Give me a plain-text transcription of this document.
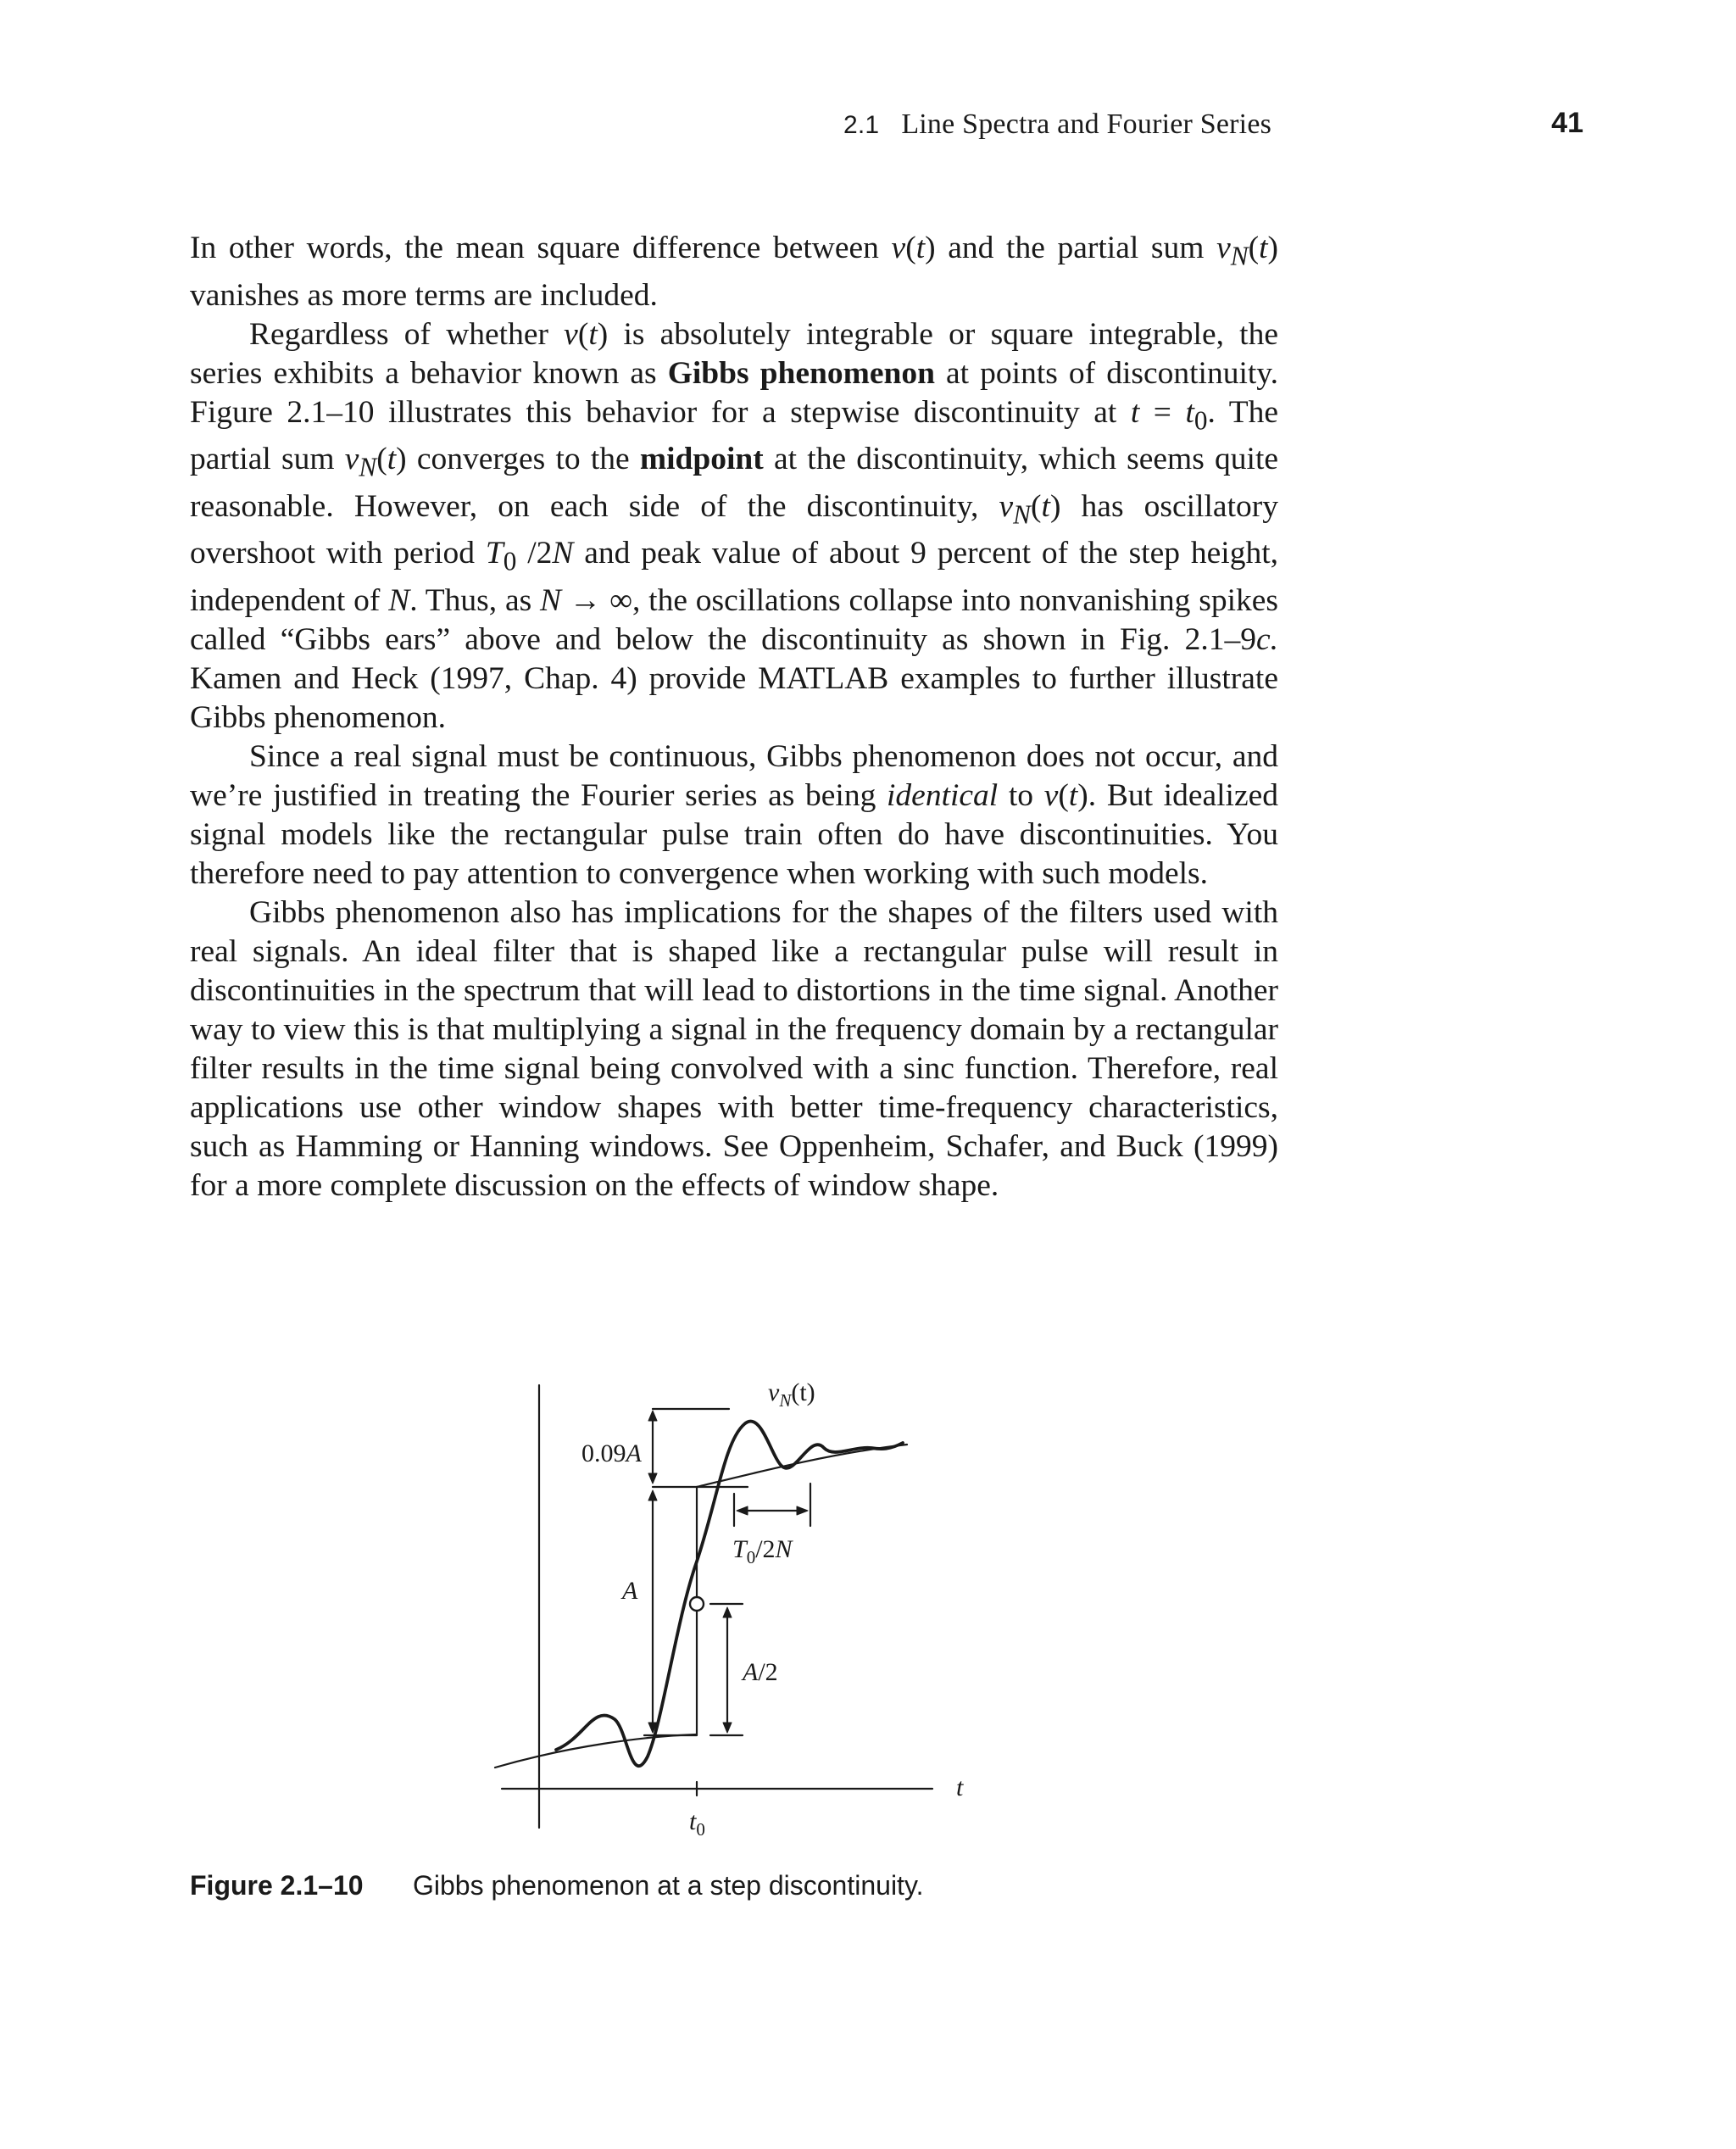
2.1 Line Spectra and Fourier Series	41

In other words, the mean square difference between v(t) and the partial sum $v_N(t)$ vanishes as more terms are included.

Regardless of whether v(t) is absolutely integrable or square integrable, the series exhibits a behavior known as Gibbs phenomenon at points of discontinuity. Figure 2.1–10 illustrates this behavior for a stepwise discontinuity at $t = t_0$. The partial sum $v_N(t)$ converges to the midpoint at the discontinuity, which seems quite reasonable. However, on each side of the discontinuity, $v_N(t)$ has oscillatory overshoot with period $T_0$ /2N and peak value of about 9 percent of the step height, independent of N. Thus, as N → ∞, the oscillations collapse into nonvanishing spikes called “Gibbs ears” above and below the discontinuity as shown in Fig. 2.1–9c. Kamen and Heck (1997, Chap. 4) provide MATLAB examples to further illustrate Gibbs phenomenon.

Since a real signal must be continuous, Gibbs phenomenon does not occur, and we’re justified in treating the Fourier series as being identical to v(t). But idealized signal models like the rectangular pulse train often do have discontinuities. You therefore need to pay attention to convergence when working with such models.

Gibbs phenomenon also has implications for the shapes of the filters used with real signals. An ideal filter that is shaped like a rectangular pulse will result in discontinuities in the spectrum that will lead to distortions in the time signal. Another way to view this is that multiplying a signal in the frequency domain by a rectangular filter results in the time signal being convolved with a sinc function. Therefore, real applications use other window shapes with better time-frequency characteristics, such as Hamming or Hanning windows. See Oppenheim, Schafer, and Buck (1999) for a more complete discussion on the effects of window shape.

$v_N(t)$
0.09A
A
A/2
$T_0/2N$
t
$t_0$
Figure 2.1–10 Gibbs phenomenon at a step discontinuity.
